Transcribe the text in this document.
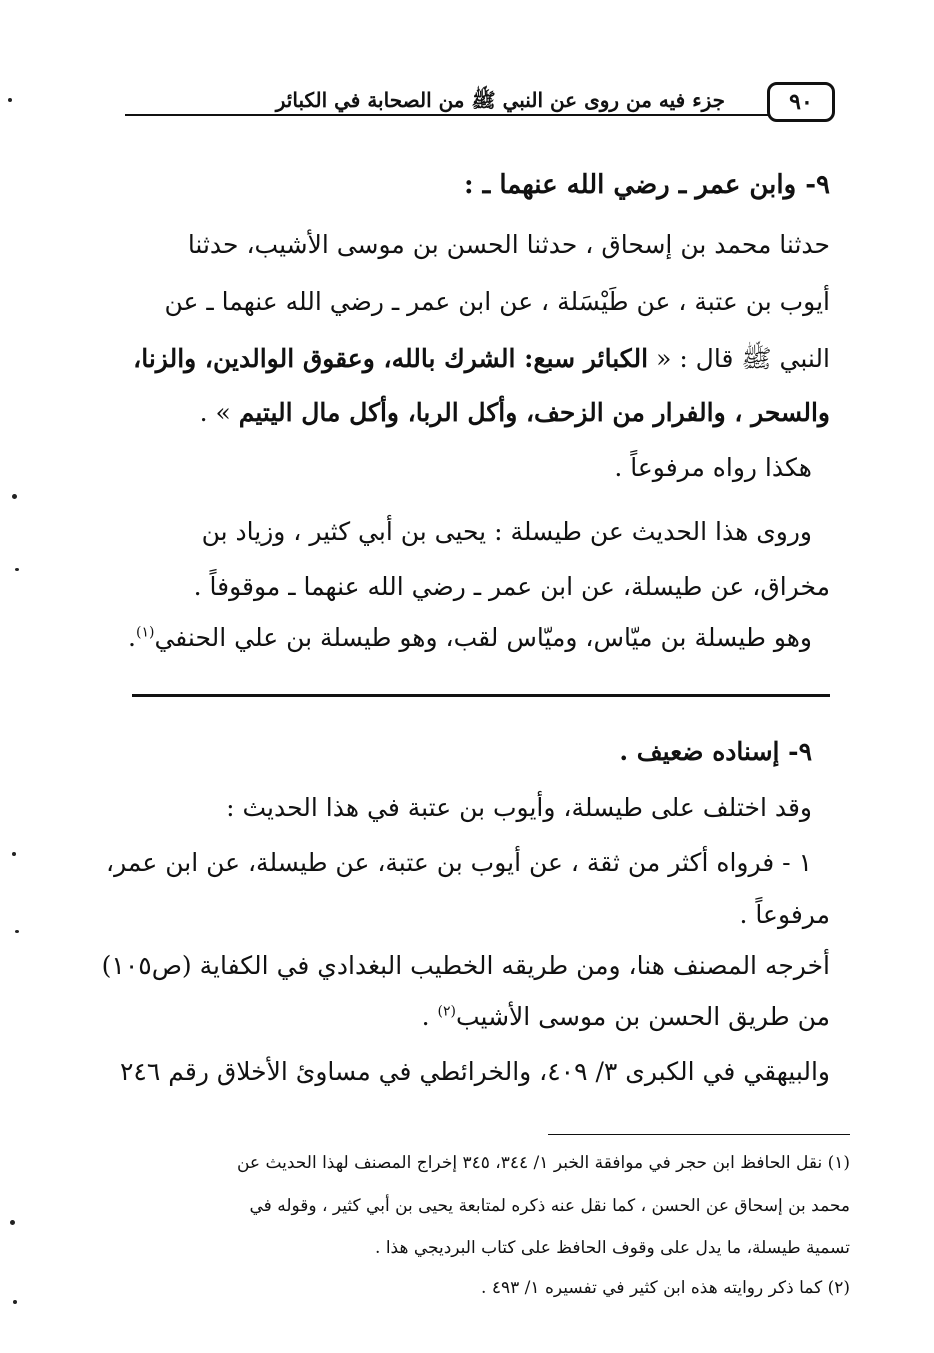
جزء فيه من روى عن النبي ﷺ من الصحابة في الكبائر	٩٠
٩- وابن عمر ـ رضي الله عنهما ـ :
حدثنا محمد بن إسحاق ، حدثنا الحسن بن موسى الأشيب، حدثنا
أيوب بن عتبة ، عن طَيْسَلة ، عن ابن عمر ـ رضي الله عنهما ـ عن
النبي ﷺ قال : « الكبائر سبع: الشرك بالله، وعقوق الوالدين، والزنا،
والسحر ، والفرار من الزحف، وأكل الربا، وأكل مال اليتيم » .
هكذا رواه مرفوعاً .
وروى هذا الحديث عن طيسلة : يحيى بن أبي كثير ، وزياد بن
مخراق، عن طيسلة، عن ابن عمر ـ رضي الله عنهما ـ موقوفاً .
وهو طيسلة بن ميّاس، وميّاس لقب، وهو طيسلة بن علي الحنفي$^{(١)}$.
٩- إسناده ضعيف .
وقد اختلف على طيسلة، وأيوب بن عتبة في هذا الحديث :
١ - فرواه أكثر من ثقة ، عن أيوب بن عتبة، عن طيسلة، عن ابن عمر،
مرفوعاً .
أخرجه المصنف هنا، ومن طريقه الخطيب البغدادي في الكفاية (ص١٠٥)
من طريق الحسن بن موسى الأشيب$^{(٢)}$ .
والبيهقي في الكبرى ٣/ ٤٠٩، والخرائطي في مساوئ الأخلاق رقم ٢٤٦
(١) نقل الحافظ ابن حجر في موافقة الخبر ١/ ٣٤٤، ٣٤٥ إخراج المصنف لهذا الحديث عن
محمد بن إسحاق عن الحسن ، كما نقل عنه ذكره لمتابعة يحيى بن أبي كثير ، وقوله في
تسمية طيسلة، ما يدل على وقوف الحافظ على كتاب البرديجي هذا .
(٢) كما ذكر روايته هذه ابن كثير في تفسيره ١/ ٤٩٣ .
